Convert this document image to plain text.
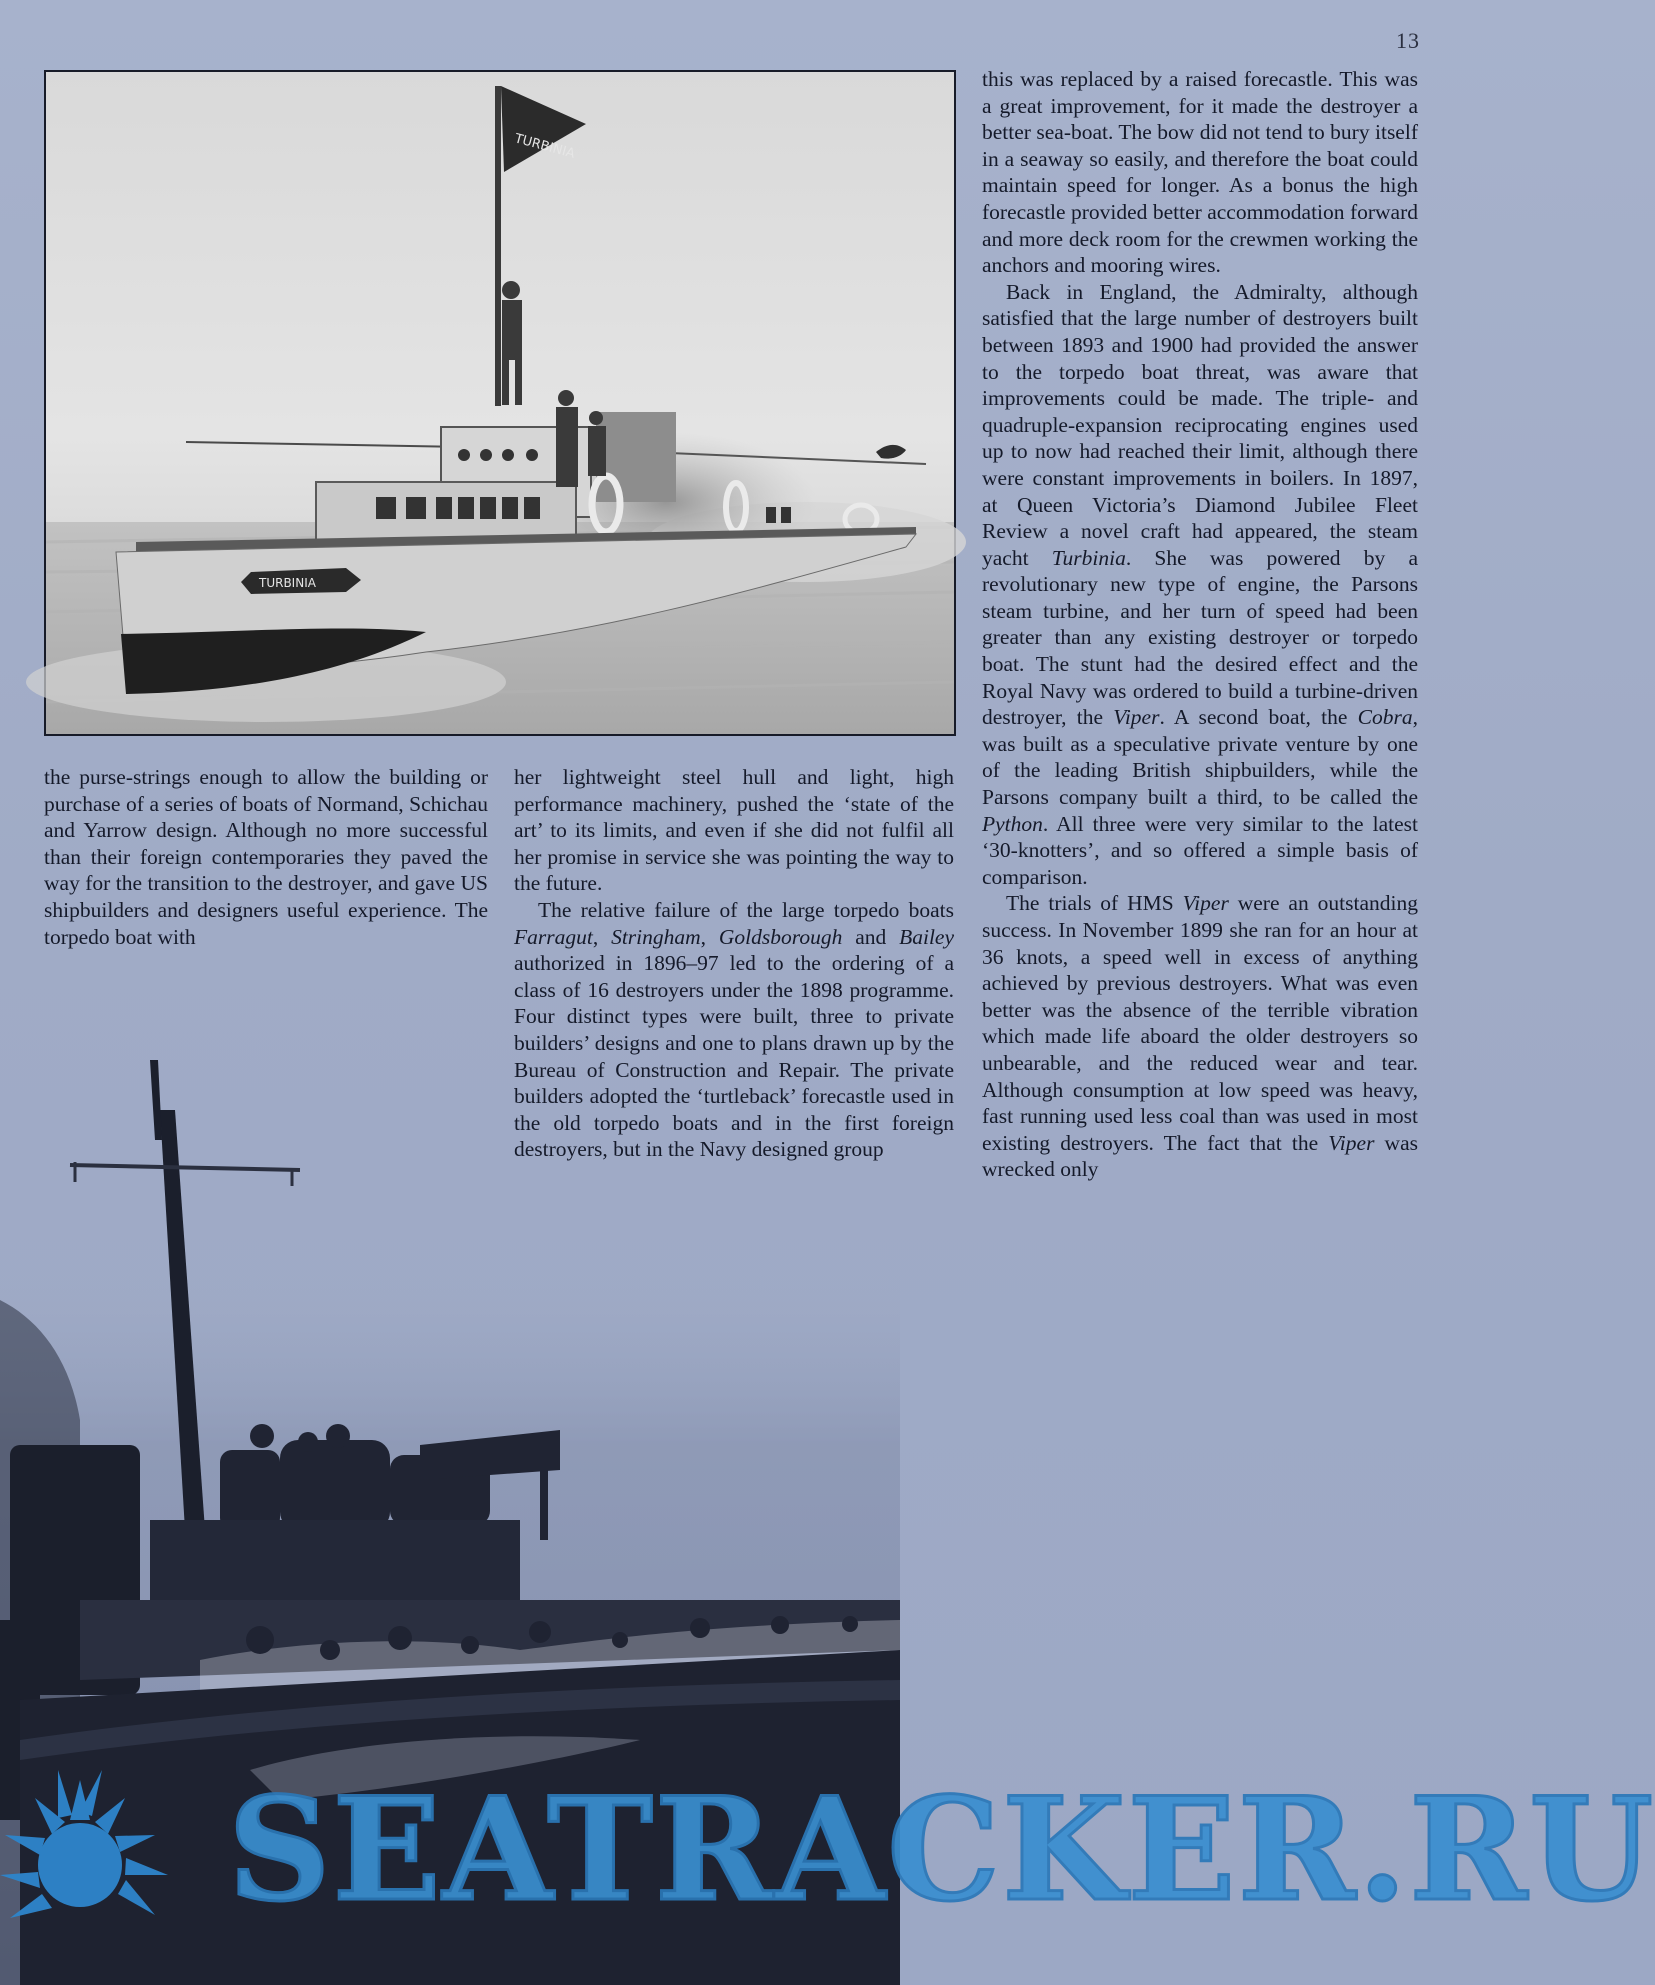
13
TURBINIA
TURBINIA

the purse-strings enough to allow the building or purchase of a series of boats of Normand, Schichau and Yarrow design. Although no more successful than their foreign contemporaries they paved the way for the transition to the destroyer, and gave US shipbuilders and designers useful experience. The torpedo boat with

her lightweight steel hull and light, high performance machinery, pushed the ‘state of the art’ to its limits, and even if she did not fulfil all her promise in service she was pointing the way to the future.

The relative failure of the large torpedo boats Farragut, Stringham, Goldsborough and Bailey authorized in 1896–97 led to the ordering of a class of 16 destroyers under the 1898 programme. Four distinct types were built, three to private builders’ designs and one to plans drawn up by the Bureau of Construction and Repair. The private builders adopted the ‘turtleback’ forecastle used in the old torpedo boats and in the first foreign destroyers, but in the Navy designed group

this was replaced by a raised forecastle. This was a great improvement, for it made the destroyer a better sea-boat. The bow did not tend to bury itself in a seaway so easily, and therefore the boat could maintain speed for longer. As a bonus the high forecastle provided better accommodation forward and more deck room for the crewmen working the anchors and mooring wires.

Back in England, the Admiralty, although satisfied that the large number of destroyers built between 1893 and 1900 had provided the answer to the torpedo boat threat, was aware that improvements could be made. The triple- and quadruple-expansion reciprocating engines used up to now had reached their limit, although there were constant improvements in boilers. In 1897, at Queen Victoria’s Diamond Jubilee Fleet Review a novel craft had appeared, the steam yacht Turbinia. She was powered by a revolutionary new type of engine, the Parsons steam turbine, and her turn of speed had been greater than any existing destroyer or torpedo boat. The stunt had the desired effect and the Royal Navy was ordered to build a turbine-driven destroyer, the Viper. A second boat, the Cobra, was built as a speculative private venture by one of the leading British shipbuilders, while the Parsons company built a third, to be called the Python. All three were very similar to the latest ‘30-knotters’, and so offered a simple basis of comparison.

The trials of HMS Viper were an outstanding success. In November 1899 she ran for an hour at 36 knots, a speed well in excess of anything achieved by previous destroyers. What was even better was the absence of the terrible vibration which made life aboard the older destroyers so unbearable, and the reduced wear and tear. Although consumption at low speed was heavy, fast running used less coal than was used in most existing destroyers. The fact that the Viper was wrecked only

SEATRACKER.RU
